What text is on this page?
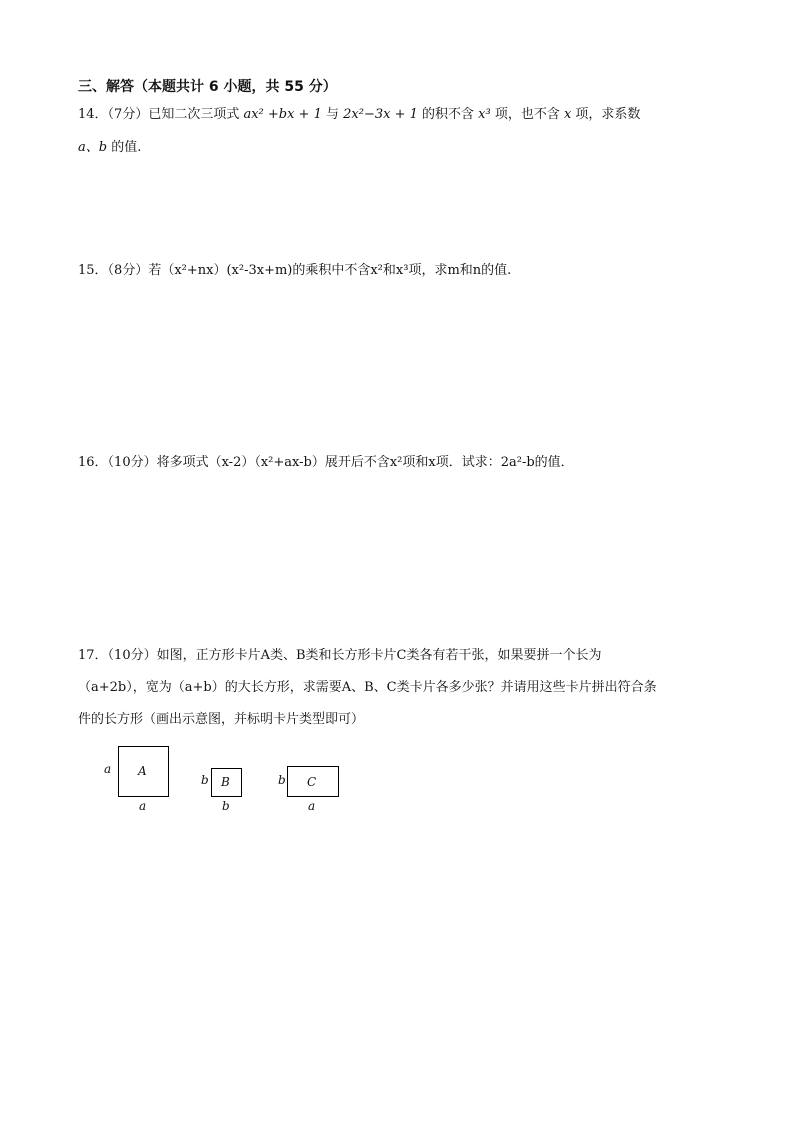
三、解答（本题共计 6 小题，共 55 分）
14．（7分）已知二次三项式 ax² +bx + 1 与 2x²−3x + 1 的积不含 x³ 项，也不含 x 项，求系数
a、b 的值.
15．（8分）若（x²+nx）(x²-3x+m)的乘积中不含x²和x³项，求m和n的值.
16．（10分）将多项式（x-2）（x²+ax-b）展开后不含x²项和x项．试求：2a²-b的值．
17．（10分）如图，正方形卡片A类、B类和长方形卡片C类各有若干张，如果要拼一个长为
（a+2b），宽为（a+b）的大长方形，求需要A、B、C类卡片各多少张？并请用这些卡片拼出符合条
件的长方形（画出示意图，并标明卡片类型即可）
a A
a
b B
b
b C
a
